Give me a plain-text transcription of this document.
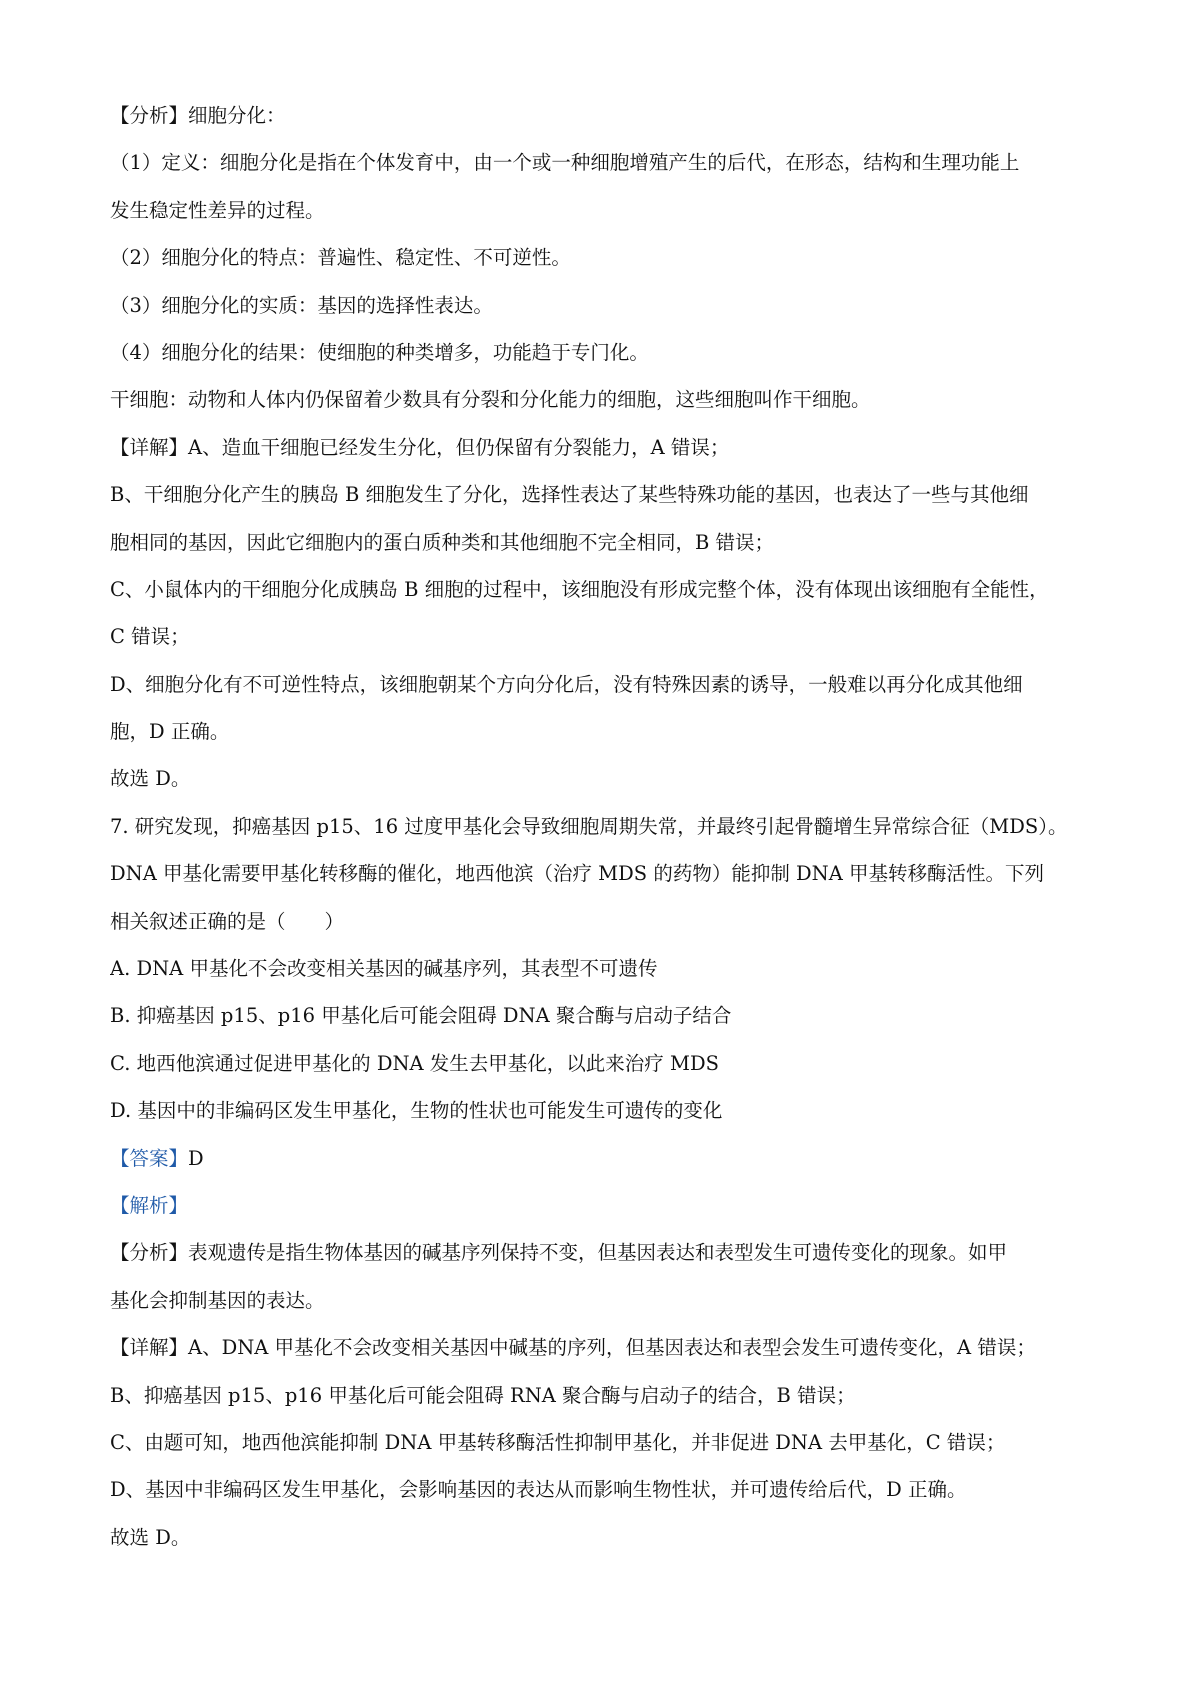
【分析】细胞分化：
（1）定义：细胞分化是指在个体发育中，由一个或一种细胞增殖产生的后代，在形态，结构和生理功能上
发生稳定性差异的过程。
（2）细胞分化的特点：普遍性、稳定性、不可逆性。
（3）细胞分化的实质：基因的选择性表达。
（4）细胞分化的结果：使细胞的种类增多，功能趋于专门化。
干细胞：动物和人体内仍保留着少数具有分裂和分化能力的细胞，这些细胞叫作干细胞。
【详解】A、造血干细胞已经发生分化，但仍保留有分裂能力，A 错误；
B、干细胞分化产生的胰岛 B 细胞发生了分化，选择性表达了某些特殊功能的基因，也表达了一些与其他细
胞相同的基因，因此它细胞内的蛋白质种类和其他细胞不完全相同，B 错误；
C、小鼠体内的干细胞分化成胰岛 B 细胞的过程中，该细胞没有形成完整个体，没有体现出该细胞有全能性，
C 错误；
D、细胞分化有不可逆性特点，该细胞朝某个方向分化后，没有特殊因素的诱导，一般难以再分化成其他细
胞，D 正确。
故选 D。
7. 研究发现，抑癌基因 p15、16 过度甲基化会导致细胞周期失常，并最终引起骨髓增生异常综合征（MDS）。
DNA 甲基化需要甲基化转移酶的催化，地西他滨（治疗 MDS 的药物）能抑制 DNA 甲基转移酶活性。下列
相关叙述正确的是（　　）
A. DNA 甲基化不会改变相关基因的碱基序列，其表型不可遗传
B. 抑癌基因 p15、p16 甲基化后可能会阻碍 DNA 聚合酶与启动子结合
C. 地西他滨通过促进甲基化的 DNA 发生去甲基化，以此来治疗 MDS
D. 基因中的非编码区发生甲基化，生物的性状也可能发生可遗传的变化
【答案】D
【解析】
【分析】表观遗传是指生物体基因的碱基序列保持不变，但基因表达和表型发生可遗传变化的现象。如甲
基化会抑制基因的表达。
【详解】A、DNA 甲基化不会改变相关基因中碱基的序列，但基因表达和表型会发生可遗传变化，A 错误；
B、抑癌基因 p15、p16 甲基化后可能会阻碍 RNA 聚合酶与启动子的结合，B 错误；
C、由题可知，地西他滨能抑制 DNA 甲基转移酶活性抑制甲基化，并非促进 DNA 去甲基化，C 错误；
D、基因中非编码区发生甲基化，会影响基因的表达从而影响生物性状，并可遗传给后代，D 正确。
故选 D。
